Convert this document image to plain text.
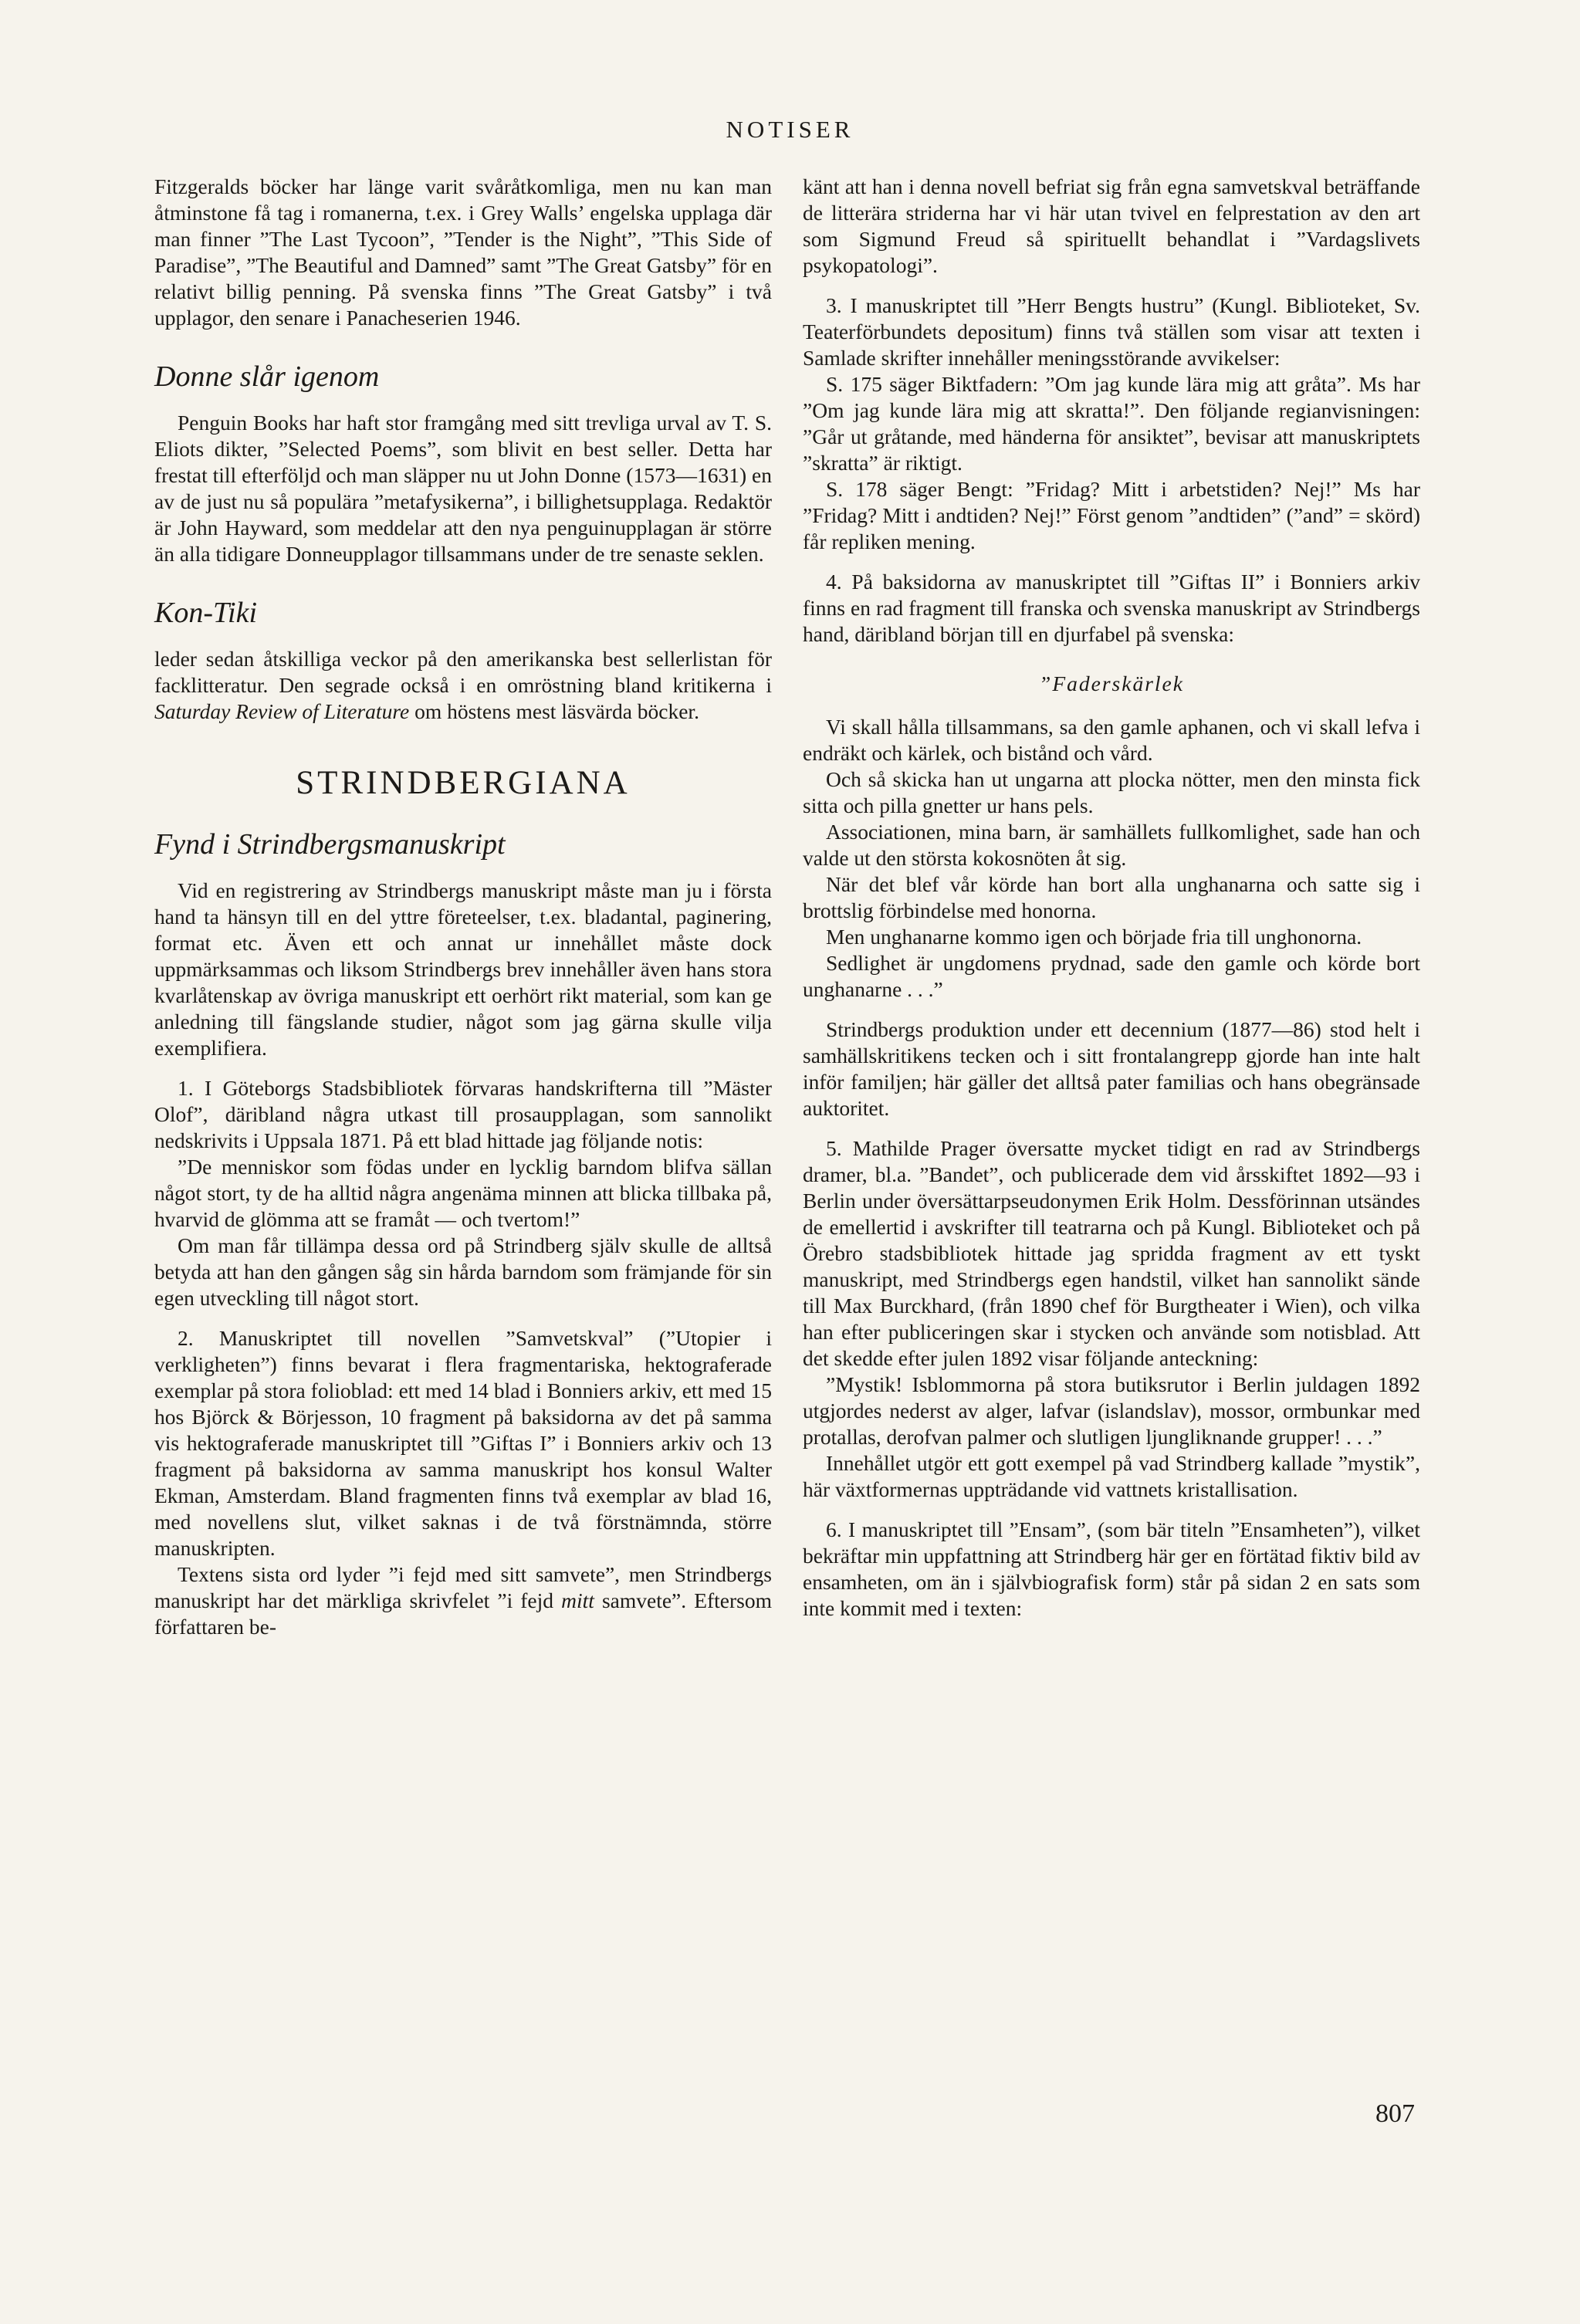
NOTISER

Fitzgeralds böcker har länge varit svåråtkomliga, men nu kan man åtminstone få tag i romanerna, t.ex. i Grey Walls’ engelska upplaga där man finner ”The Last Tycoon”, ”Tender is the Night”, ”This Side of Paradise”, ”The Beautiful and Damned” samt ”The Great Gatsby” för en relativt billig penning. På svenska finns ”The Great Gatsby” i två upplagor, den senare i Panacheserien 1946.

Donne slår igenom

Penguin Books har haft stor framgång med sitt trevliga urval av T. S. Eliots dikter, ”Selected Poems”, som blivit en best seller. Detta har frestat till efterföljd och man släpper nu ut John Donne (1573—1631) en av de just nu så populära ”metafysikerna”, i billighetsupplaga. Redaktör är John Hayward, som meddelar att den nya penguinupplagan är större än alla tidigare Donneupplagor tillsammans under de tre senaste seklen.

Kon-Tiki

leder sedan åtskilliga veckor på den amerikanska best sellerlistan för facklitteratur. Den segrade också i en omröstning bland kritikerna i Saturday Review of Literature om höstens mest läsvärda böcker.

STRINDBERGIANA
Fynd i Strindbergsmanuskript

Vid en registrering av Strindbergs manuskript måste man ju i första hand ta hänsyn till en del yttre företeelser, t.ex. bladantal, paginering, format etc. Även ett och annat ur innehållet måste dock uppmärksammas och liksom Strindbergs brev innehåller även hans stora kvarlåtenskap av övriga manuskript ett oerhört rikt material, som kan ge anledning till fängslande studier, något som jag gärna skulle vilja exemplifiera.

1. I Göteborgs Stadsbibliotek förvaras handskrifterna till ”Mäster Olof”, däribland några utkast till prosaupplagan, som sannolikt nedskrivits i Uppsala 1871. På ett blad hittade jag följande notis:

”De menniskor som födas under en lycklig barndom blifva sällan något stort, ty de ha alltid några angenäma minnen att blicka tillbaka på, hvarvid de glömma att se framåt — och tvertom!”

Om man får tillämpa dessa ord på Strindberg själv skulle de alltså betyda att han den gången såg sin hårda barndom som främjande för sin egen utveckling till något stort.

2. Manuskriptet till novellen ”Samvetskval” (”Utopier i verkligheten”) finns bevarat i flera fragmentariska, hektograferade exemplar på stora folioblad: ett med 14 blad i Bonniers arkiv, ett med 15 hos Björck & Börjesson, 10 fragment på baksidorna av det på samma vis hektograferade manuskriptet till ”Giftas I” i Bonniers arkiv och 13 fragment på baksidorna av samma manuskript hos konsul Walter Ekman, Amsterdam. Bland fragmenten finns två exemplar av blad 16, med novellens slut, vilket saknas i de två förstnämnda, större manuskripten.

Textens sista ord lyder ”i fejd med sitt samvete”, men Strindbergs manuskript har det märkliga skrivfelet ”i fejd mitt samvete”. Eftersom författaren be-

känt att han i denna novell befriat sig från egna samvetskval beträffande de litterära striderna har vi här utan tvivel en felprestation av den art som Sigmund Freud så spirituellt behandlat i ”Vardagslivets psykopatologi”.

3. I manuskriptet till ”Herr Bengts hustru” (Kungl. Biblioteket, Sv. Teaterförbundets depositum) finns två ställen som visar att texten i Samlade skrifter innehåller meningsstörande avvikelser:

S. 175 säger Biktfadern: ”Om jag kunde lära mig att gråta”. Ms har ”Om jag kunde lära mig att skratta!”. Den följande regianvisningen: ”Går ut gråtande, med händerna för ansiktet”, bevisar att manuskriptets ”skratta” är riktigt.

S. 178 säger Bengt: ”Fridag? Mitt i arbetstiden? Nej!” Ms har ”Fridag? Mitt i andtiden? Nej!” Först genom ”andtiden” (”and” = skörd) får repliken mening.

4. På baksidorna av manuskriptet till ”Giftas II” i Bonniers arkiv finns en rad fragment till franska och svenska manuskript av Strindbergs hand, däribland början till en djurfabel på svenska:

”Faderskärlek

Vi skall hålla tillsammans, sa den gamle aphanen, och vi skall lefva i endräkt och kärlek, och bistånd och vård.

Och så skicka han ut ungarna att plocka nötter, men den minsta fick sitta och pilla gnetter ur hans pels.

Associationen, mina barn, är samhällets fullkomlighet, sade han och valde ut den största kokosnöten åt sig.

När det blef vår körde han bort alla unghanarna och satte sig i brottslig förbindelse med honorna.

Men unghanarne kommo igen och började fria till unghonorna.

Sedlighet är ungdomens prydnad, sade den gamle och körde bort unghanarne . . .”

Strindbergs produktion under ett decennium (1877—86) stod helt i samhällskritikens tecken och i sitt frontalangrepp gjorde han inte halt inför familjen; här gäller det alltså pater familias och hans obegränsade auktoritet.

5. Mathilde Prager översatte mycket tidigt en rad av Strindbergs dramer, bl.a. ”Bandet”, och publicerade dem vid årsskiftet 1892—93 i Berlin under översättarpseudonymen Erik Holm. Dessförinnan utsändes de emellertid i avskrifter till teatrarna och på Kungl. Biblioteket och på Örebro stadsbibliotek hittade jag spridda fragment av ett tyskt manuskript, med Strindbergs egen handstil, vilket han sannolikt sände till Max Burckhard, (från 1890 chef för Burgtheater i Wien), och vilka han efter publiceringen skar i stycken och använde som notisblad. Att det skedde efter julen 1892 visar följande anteckning:

”Mystik! Isblommorna på stora butiksrutor i Berlin juldagen 1892 utgjordes nederst av alger, lafvar (islandslav), mossor, ormbunkar med protallas, derofvan palmer och slutligen ljungliknande grupper! . . .”

Innehållet utgör ett gott exempel på vad Strindberg kallade ”mystik”, här växtformernas uppträdande vid vattnets kristallisation.

6. I manuskriptet till ”Ensam”, (som bär titeln ”Ensamheten”), vilket bekräftar min uppfattning att Strindberg här ger en förtätad fiktiv bild av ensamheten, om än i självbiografisk form) står på sidan 2 en sats som inte kommit med i texten:

807
